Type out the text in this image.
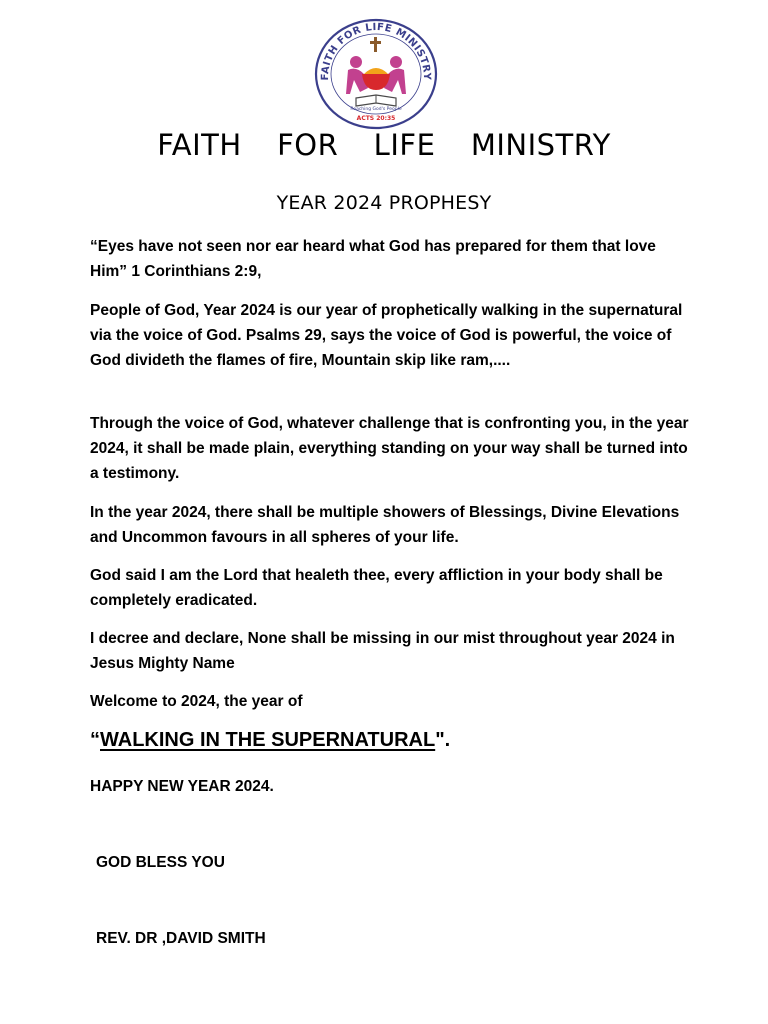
FAITH FOR LIFE MINISTRY
Reaching God's People
ACTS 20:35
FAITH  FOR  LIFE  MINISTRY
YEAR 2024 PROPHESY

“Eyes have not seen nor ear heard what God has prepared for them that love Him” 1 Corinthians 2:9,

People of God, Year 2024 is our year of prophetically walking in the supernatural via the voice of God. Psalms 29, says the voice of God is powerful, the voice of God divideth the flames of fire, Mountain skip like ram,....

Through the voice of God, whatever challenge that is confronting you, in the year 2024, it shall be made plain, everything standing on your way shall be turned into a testimony.

In the year 2024, there shall be multiple showers of Blessings, Divine Elevations and Uncommon favours in all spheres of your life.

God said I am the Lord that healeth thee, every affliction in your body shall be completely eradicated.

I decree and declare, None shall be missing in our mist throughout year 2024 in Jesus Mighty Name

Welcome to 2024, the year of

“WALKING IN THE SUPERNATURAL".

HAPPY NEW YEAR 2024.

GOD BLESS YOU

REV. DR ,DAVID SMITH
